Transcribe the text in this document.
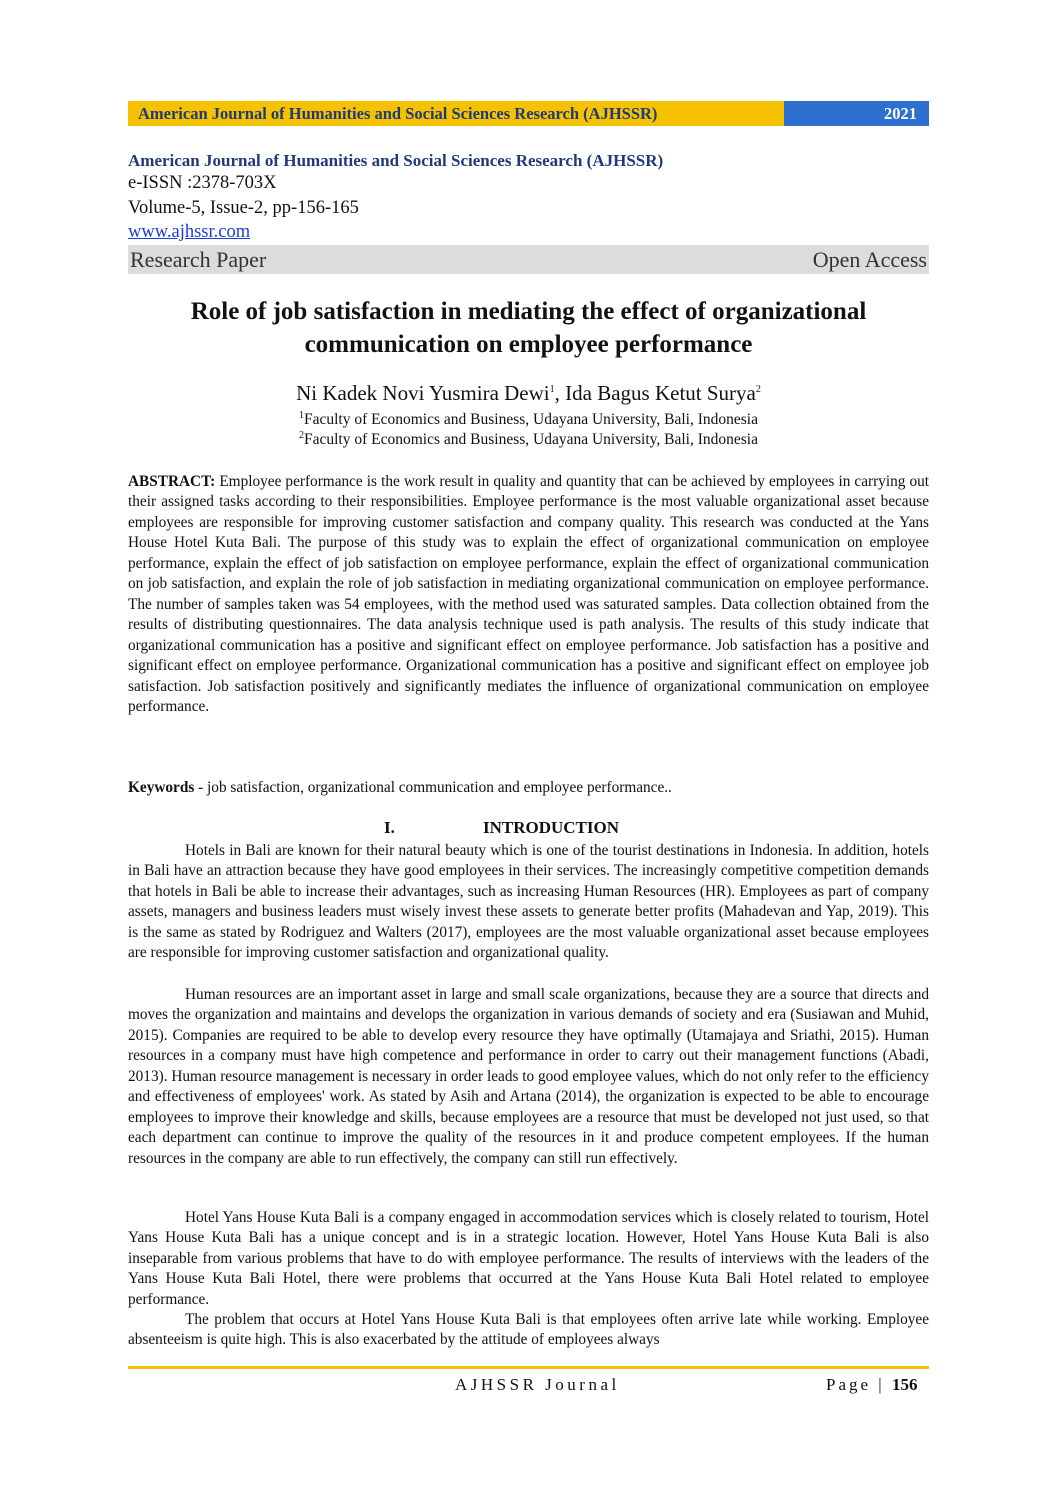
American Journal of Humanities and Social Sciences Research (AJHSSR)	2021
American Journal of Humanities and Social Sciences Research (AJHSSR)
e-ISSN :2378-703X
Volume-5, Issue-2, pp-156-165
www.ajhssr.com
Research Paper	Open Access
Role of job satisfaction in mediating the effect of organizational communication on employee performance
Ni Kadek Novi Yusmira Dewi$^1$, Ida Bagus Ketut Surya$^2$
$^1$Faculty of Economics and Business, Udayana University, Bali, Indonesia
$^2$Faculty of Economics and Business, Udayana University, Bali, Indonesia
ABSTRACT: Employee performance is the work result in quality and quantity that can be achieved by employees in carrying out their assigned tasks according to their responsibilities. Employee performance is the most valuable organizational asset because employees are responsible for improving customer satisfaction and company quality. This research was conducted at the Yans House Hotel Kuta Bali. The purpose of this study was to explain the effect of organizational communication on employee performance, explain the effect of job satisfaction on employee performance, explain the effect of organizational communication on job satisfaction, and explain the role of job satisfaction in mediating organizational communication on employee performance. The number of samples taken was 54 employees, with the method used was saturated samples. Data collection obtained from the results of distributing questionnaires. The data analysis technique used is path analysis. The results of this study indicate that organizational communication has a positive and significant effect on employee performance. Job satisfaction has a positive and significant effect on employee performance. Organizational communication has a positive and significant effect on employee job satisfaction. Job satisfaction positively and significantly mediates the influence of organizational communication on employee performance.
Keywords - job satisfaction, organizational communication and employee performance..
I.	INTRODUCTION
Hotels in Bali are known for their natural beauty which is one of the tourist destinations in Indonesia. In addition, hotels in Bali have an attraction because they have good employees in their services. The increasingly competitive competition demands that hotels in Bali be able to increase their advantages, such as increasing Human Resources (HR). Employees as part of company assets, managers and business leaders must wisely invest these assets to generate better profits (Mahadevan and Yap, 2019). This is the same as stated by Rodriguez and Walters (2017), employees are the most valuable organizational asset because employees are responsible for improving customer satisfaction and organizational quality.
Human resources are an important asset in large and small scale organizations, because they are a source that directs and moves the organization and maintains and develops the organization in various demands of society and era (Susiawan and Muhid, 2015). Companies are required to be able to develop every resource they have optimally (Utamajaya and Sriathi, 2015). Human resources in a company must have high competence and performance in order to carry out their management functions (Abadi, 2013). Human resource management is necessary in order leads to good employee values, which do not only refer to the efficiency and effectiveness of employees' work. As stated by Asih and Artana (2014), the organization is expected to be able to encourage employees to improve their knowledge and skills, because employees are a resource that must be developed not just used, so that each department can continue to improve the quality of the resources in it and produce competent employees. If the human resources in the company are able to run effectively, the company can still run effectively.
Hotel Yans House Kuta Bali is a company engaged in accommodation services which is closely related to tourism, Hotel Yans House Kuta Bali has a unique concept and is in a strategic location. However, Hotel Yans House Kuta Bali is also inseparable from various problems that have to do with employee performance. The results of interviews with the leaders of the Yans House Kuta Bali Hotel, there were problems that occurred at the Yans House Kuta Bali Hotel related to employee performance.
The problem that occurs at Hotel Yans House Kuta Bali is that employees often arrive late while working. Employee absenteeism is quite high. This is also exacerbated by the attitude of employees always
AJHSSR Journal	Page | 156
